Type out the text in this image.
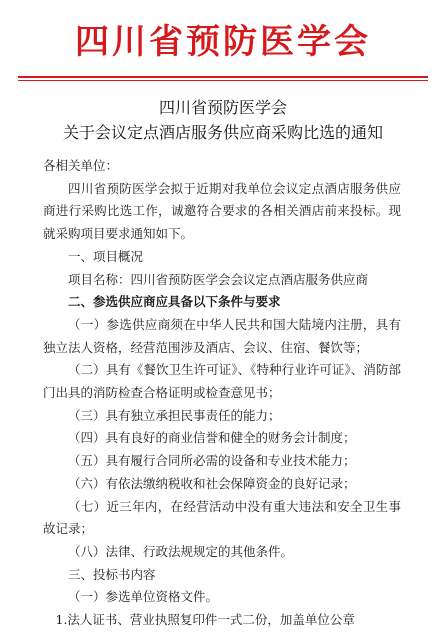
四川省预防医学会
四川省预防医学会
关于会议定点酒店服务供应商采购比选的通知

各相关单位：

四川省预防医学会拟于近期对我单位会议定点酒店服务供应商进行采购比选工作，诚邀符合要求的各相关酒店前来投标。现就采购项目要求通知如下。

一、项目概况

项目名称：四川省预防医学会会议定点酒店服务供应商

二、参选供应商应具备以下条件与要求

（一）参选供应商须在中华人民共和国大陆境内注册，具有独立法人资格，经营范围涉及酒店、会议、住宿、餐饮等；

（二）具有《餐饮卫生许可证》、《特种行业许可证》、消防部门出具的消防检查合格证明或检查意见书；

（三）具有独立承担民事责任的能力；

（四）具有良好的商业信誉和健全的财务会计制度；

（五）具有履行合同所必需的设备和专业技术能力；

（六）有依法缴纳税收和社会保障资金的良好记录；

（七）近三年内，在经营活动中没有重大违法和安全卫生事故记录；

（八）法律、行政法规规定的其他条件。

三、投标书内容

（一）参选单位资格文件。

1.法人证书、营业执照复印件一式二份，加盖单位公章
